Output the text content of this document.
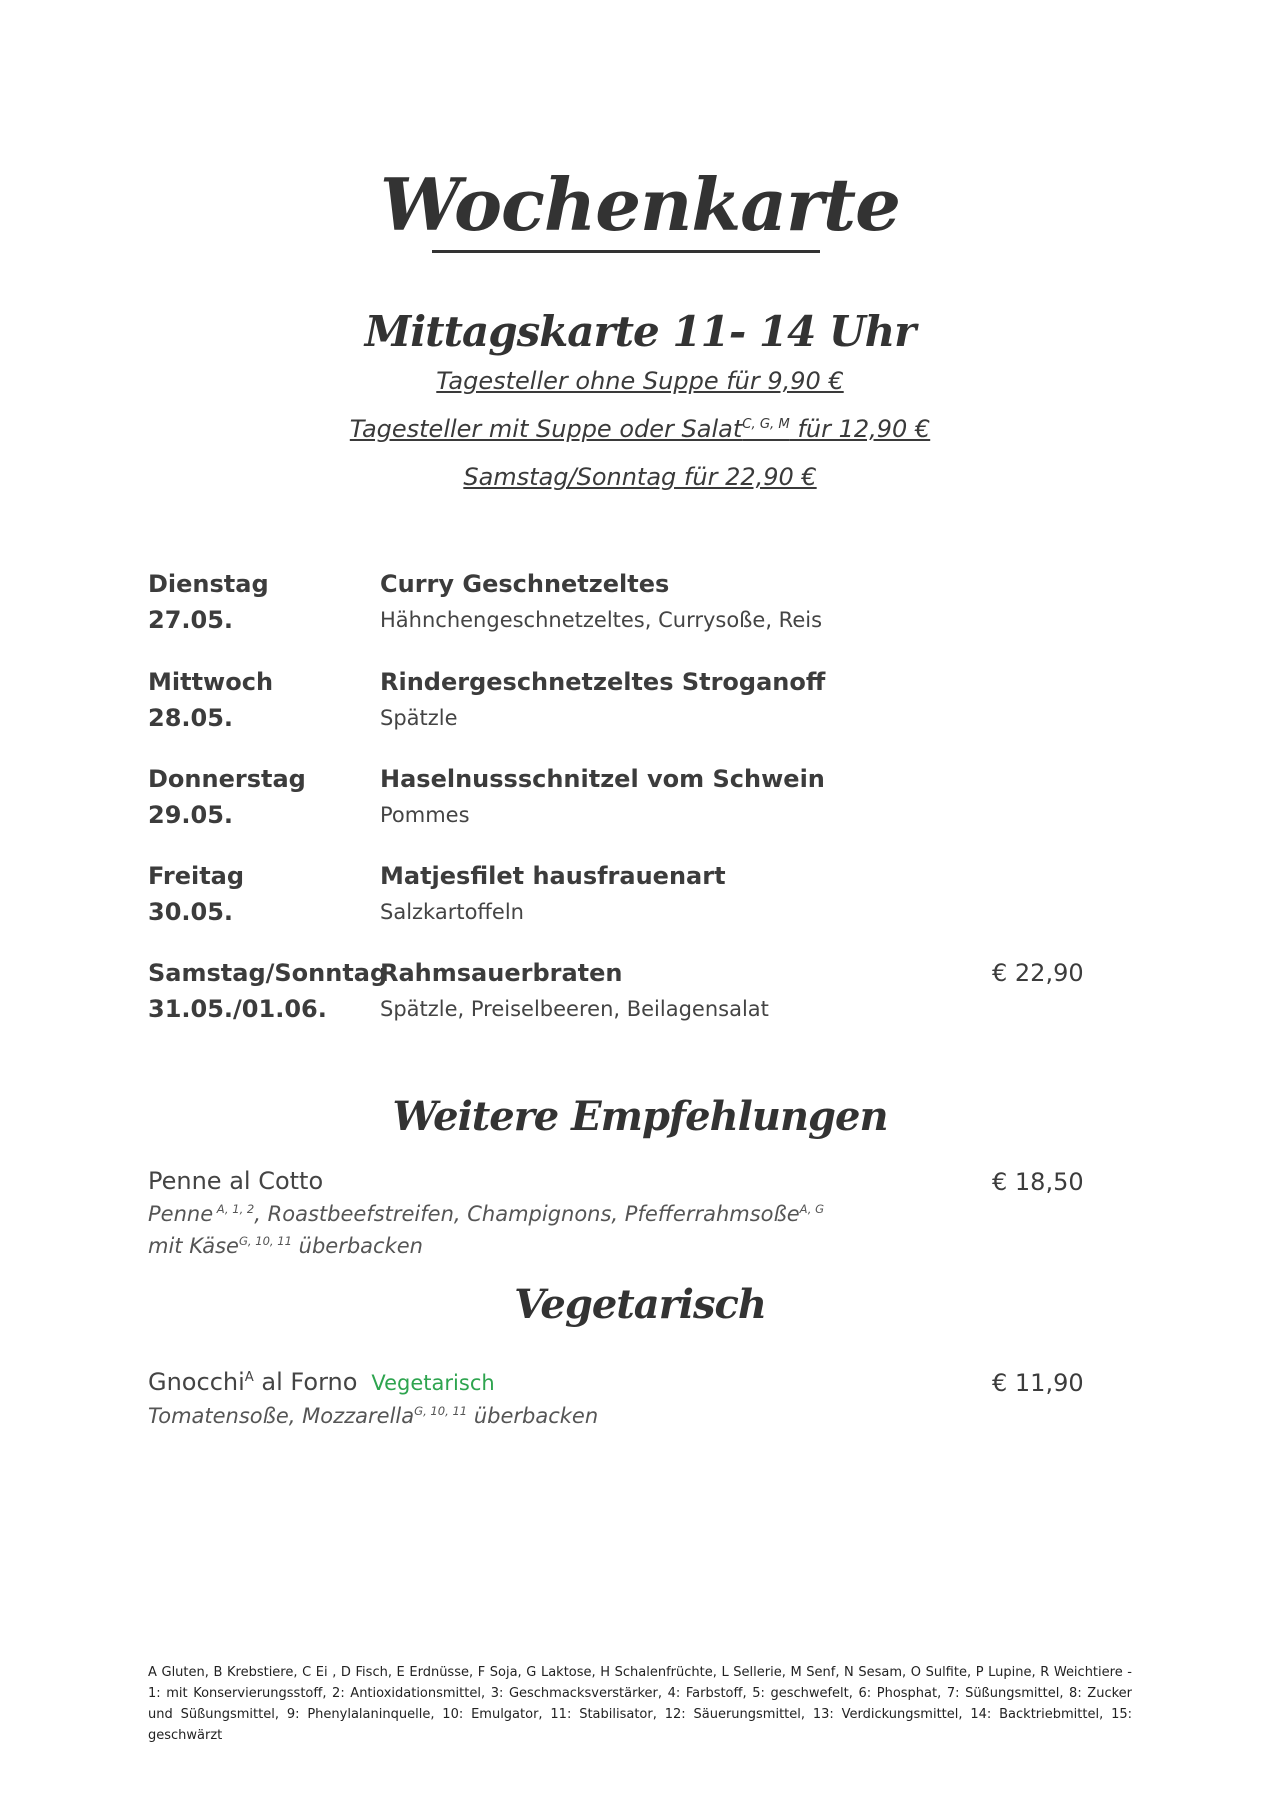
Wochenkarte
Mittagskarte 11- 14 Uhr
Tagesteller ohne Suppe für 9,90 €
Tagesteller mit Suppe oder Salat$^{C, G, M}$ für 12,90 €
Samstag/Sonntag für 22,90 €
Dienstag
27.05.
Curry Geschnetzeltes
Hähnchengeschnetzeltes, Currysoße, Reis
Mittwoch
28.05.
Rindergeschnetzeltes Stroganoff
Spätzle
Donnerstag
29.05.
Haselnussschnitzel vom Schwein
Pommes
Freitag
30.05.
Matjesfilet hausfrauenart
Salzkartoffeln
Samstag/Sonntag
31.05./01.06.
Rahmsauerbraten
Spätzle, Preiselbeeren, Beilagensalat
€ 22,90
Weitere Empfehlungen
Penne al Cotto	€ 18,50
Penne $^{A, 1, 2}$, Roastbeefstreifen, Champignons, Pfefferrahmsoße$^{A, G}$
mit Käse$^{G, 10, 11}$ überbacken
Vegetarisch
Gnocchi$^A$ al Forno Vegetarisch	€ 11,90
Tomatensoße, Mozzarella$^{G, 10, 11}$ überbacken
A Gluten, B Krebstiere, C Ei , D Fisch, E Erdnüsse, F Soja, G Laktose, H Schalenfrüchte, L Sellerie, M Senf, N Sesam, O Sulfite, P Lupine, R Weichtiere - 1: mit Konservierungsstoff, 2: Antioxidationsmittel, 3: Geschmacksverstärker, 4: Farbstoff, 5: geschwefelt, 6: Phosphat, 7: Süßungsmittel, 8: Zucker und Süßungsmittel, 9: Phenylalaninquelle, 10: Emulgator, 11: Stabilisator, 12: Säuerungsmittel, 13: Verdickungsmittel, 14: Backtriebmittel, 15: geschwärzt
